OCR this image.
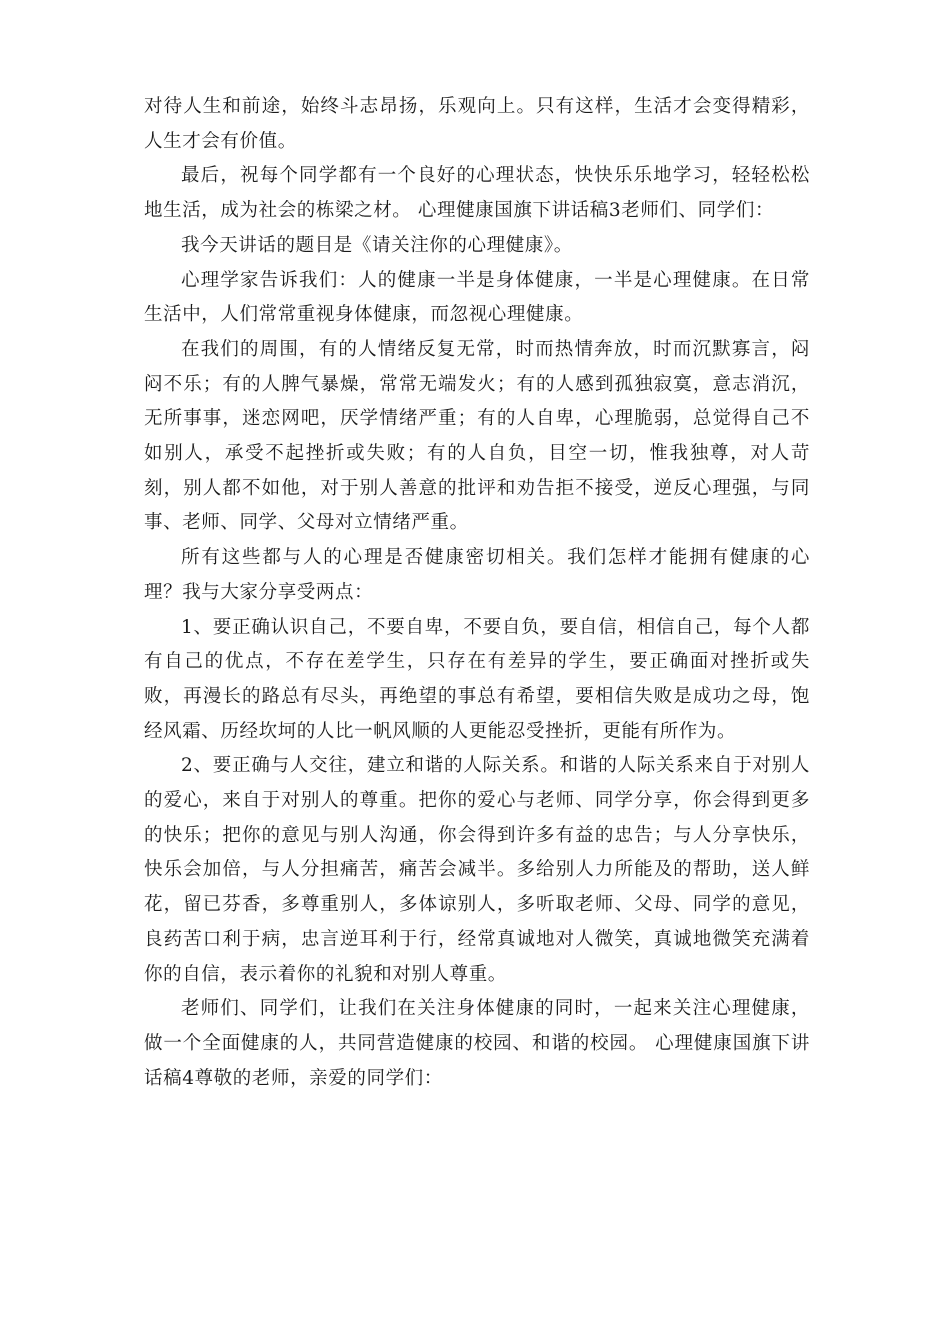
对待人生和前途，始终斗志昂扬，乐观向上。只有这样，生活才会变得精彩，人生才会有价值。

最后，祝每个同学都有一个良好的心理状态，快快乐乐地学习，轻轻松松地生活，成为社会的栋梁之材。 心理健康国旗下讲话稿3老师们、同学们：

我今天讲话的题目是《请关注你的心理健康》。

心理学家告诉我们：人的健康一半是身体健康，一半是心理健康。在日常生活中，人们常常重视身体健康，而忽视心理健康。

在我们的周围，有的人情绪反复无常，时而热情奔放，时而沉默寡言，闷闷不乐；有的人脾气暴燥，常常无端发火；有的人感到孤独寂寞，意志消沉，无所事事，迷恋网吧，厌学情绪严重；有的人自卑，心理脆弱，总觉得自己不如别人，承受不起挫折或失败；有的人自负，目空一切，惟我独尊，对人苛刻，别人都不如他，对于别人善意的批评和劝告拒不接受，逆反心理强，与同事、老师、同学、父母对立情绪严重。

所有这些都与人的心理是否健康密切相关。我们怎样才能拥有健康的心理？我与大家分享受两点：

1、要正确认识自己，不要自卑，不要自负，要自信，相信自己，每个人都有自己的优点，不存在差学生，只存在有差异的学生，要正确面对挫折或失败，再漫长的路总有尽头，再绝望的事总有希望，要相信失败是成功之母，饱经风霜、历经坎坷的人比一帆风顺的人更能忍受挫折，更能有所作为。

2、要正确与人交往，建立和谐的人际关系。和谐的人际关系来自于对别人的爱心，来自于对别人的尊重。把你的爱心与老师、同学分享，你会得到更多的快乐；把你的意见与别人沟通，你会得到许多有益的忠告；与人分享快乐，快乐会加倍，与人分担痛苦，痛苦会减半。多给别人力所能及的帮助，送人鲜花，留已芬香，多尊重别人，多体谅别人，多听取老师、父母、同学的意见，良药苦口利于病，忠言逆耳利于行，经常真诚地对人微笑，真诚地微笑充满着你的自信，表示着你的礼貌和对别人尊重。

老师们、同学们，让我们在关注身体健康的同时，一起来关注心理健康，做一个全面健康的人，共同营造健康的校园、和谐的校园。 心理健康国旗下讲话稿4尊敬的老师，亲爱的同学们：
